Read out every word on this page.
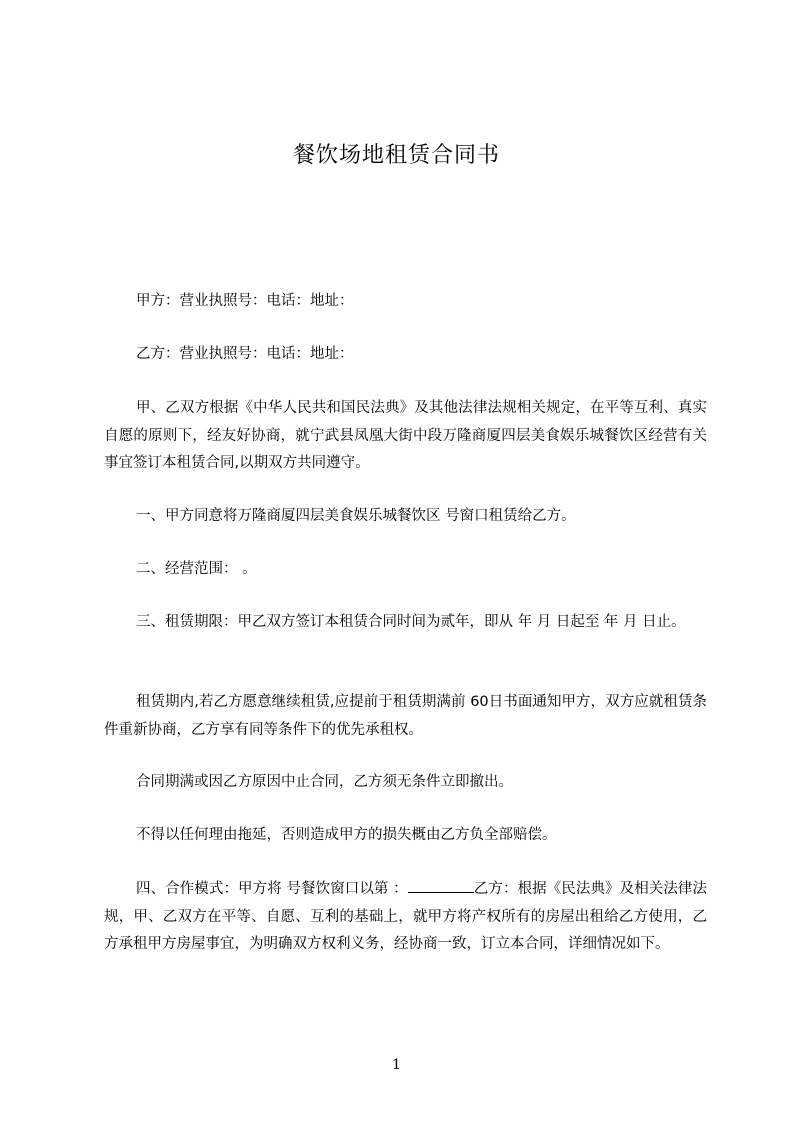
餐饮场地租赁合同书

甲方：营业执照号：电话：地址：

乙方：营业执照号：电话：地址：

甲、乙双方根据《中华人民共和国民法典》及其他法律法规相关规定，在平等互利、真实自愿的原则下，经友好协商，就宁武县凤凰大街中段万隆商厦四层美食娱乐城餐饮区经营有关事宜签订本租赁合同,以期双方共同遵守。

一、甲方同意将万隆商厦四层美食娱乐城餐饮区 号窗口租赁给乙方。

二、经营范围： 。

三、租赁期限：甲乙双方签订本租赁合同时间为贰年，即从 年 月 日起至 年 月 日止。

租赁期内,若乙方愿意继续租赁,应提前于租赁期满前 60日书面通知甲方，双方应就租赁条件重新协商，乙方享有同等条件下的优先承租权。

合同期满或因乙方原因中止合同，乙方须无条件立即撤出。

不得以任何理由拖延，否则造成甲方的损失概由乙方负全部赔偿。

四、合作模式：甲方将 号餐饮窗口以第 ：	乙方：根据《民法典》及相关法律法规，甲、乙双方在平等、自愿、互利的基础上，就甲方将产权所有的房屋出租给乙方使用，乙方承租甲方房屋事宜，为明确双方权利义务，经协商一致，订立本合同，详细情况如下。

1
